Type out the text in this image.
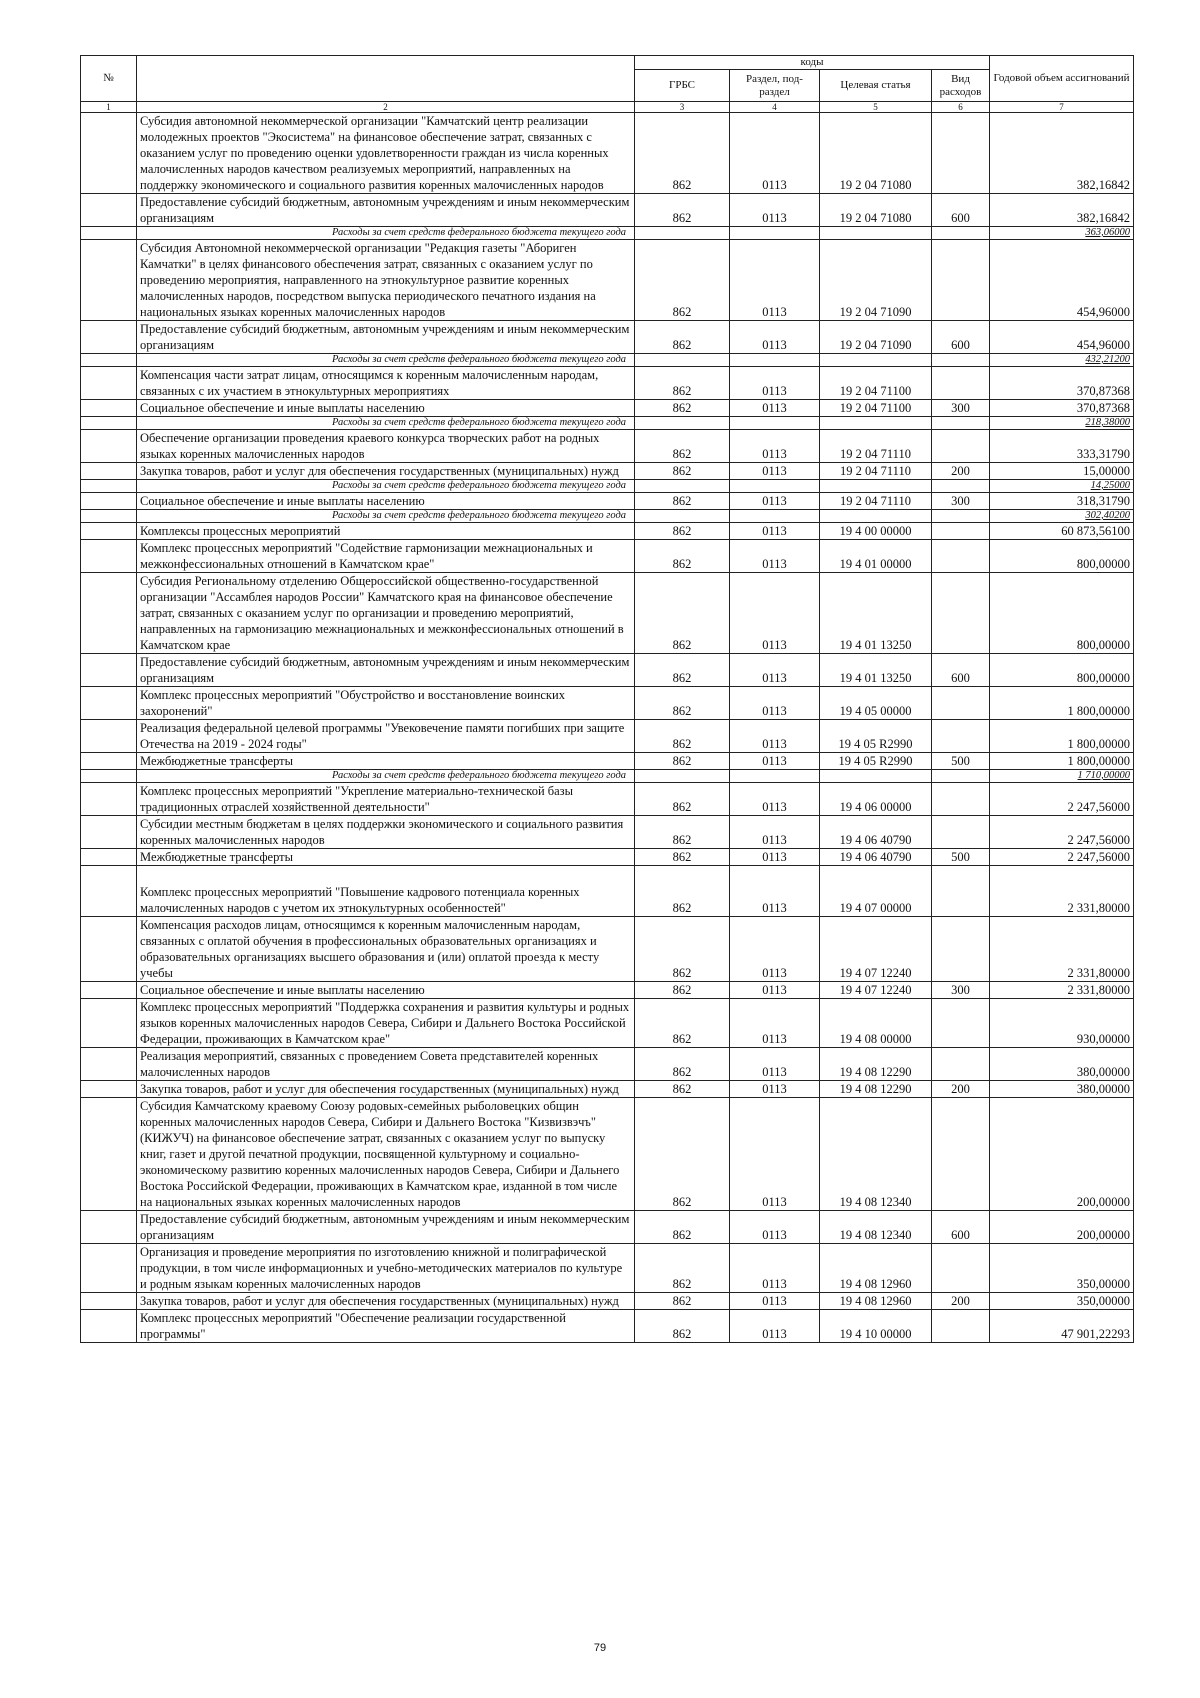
№		коды				Годовой объем ассигнований
		ГРБС	Раздел, под-раздел	Целевая статья	Вид расходов	
1	2	3	4	5	6	7
	Субсидия автономной некоммерческой организации "Камчатский центр реализации молодежных проектов "Экосистема" на финансовое обеспечение затрат, связанных с оказанием услуг по проведению оценки удовлетворенности граждан из числа коренных малочисленных народов качеством реализуемых мероприятий, направленных на поддержку экономического и социального развития коренных малочисленных народов	862	0113	19 2 04 71080		382,16842
	Предоставление субсидий бюджетным, автономным учреждениям и иным некоммерческим организациям	862	0113	19 2 04 71080	600	382,16842
	Расходы за счет средств федерального бюджета текущего года					363,06000
	Субсидия Автономной некоммерческой организации "Редакция газеты "Абориген Камчатки" в целях финансового обеспечения затрат, связанных с оказанием услуг по проведению мероприятия, направленного на этнокультурное развитие коренных малочисленных народов, посредством выпуска периодического печатного издания на национальных языках коренных малочисленных народов	862	0113	19 2 04 71090		454,96000
	Предоставление субсидий бюджетным, автономным учреждениям и иным некоммерческим организациям	862	0113	19 2 04 71090	600	454,96000
	Расходы за счет средств федерального бюджета текущего года					432,21200
	Компенсация части затрат лицам, относящимся к коренным малочисленным народам, связанных с их участием в этнокультурных мероприятиях	862	0113	19 2 04 71100		370,87368
	Социальное обеспечение и иные выплаты населению	862	0113	19 2 04 71100	300	370,87368
	Расходы за счет средств федерального бюджета текущего года					218,38000
	Обеспечение организации проведения краевого конкурса творческих работ на родных языках коренных малочисленных народов	862	0113	19 2 04 71110		333,31790
	Закупка товаров, работ и услуг для обеспечения государственных (муниципальных) нужд	862	0113	19 2 04 71110	200	15,00000
	Расходы за счет средств федерального бюджета текущего года					14,25000
	Социальное обеспечение и иные выплаты населению	862	0113	19 2 04 71110	300	318,31790
	Расходы за счет средств федерального бюджета текущего года					302,40200
	Комплексы процессных мероприятий	862	0113	19 4 00 00000		60 873,56100
	Комплекс процессных мероприятий "Содействие гармонизации межнациональных и межконфессиональных отношений в Камчатском крае"	862	0113	19 4 01 00000		800,00000
	Субсидия Региональному отделению Общероссийской общественно-государственной организации "Ассамблея народов России" Камчатского края на финансовое обеспечение затрат, связанных с оказанием услуг по организации и проведению мероприятий, направленных на гармонизацию межнациональных и межконфессиональных отношений в Камчатском крае	862	0113	19 4 01 13250		800,00000
	Предоставление субсидий бюджетным, автономным учреждениям и иным некоммерческим организациям	862	0113	19 4 01 13250	600	800,00000
	Комплекс процессных мероприятий "Обустройство и восстановление воинских захоронений"	862	0113	19 4 05 00000		1 800,00000
	Реализация федеральной целевой программы "Увековечение памяти погибших при защите Отечества на 2019 - 2024 годы"	862	0113	19 4 05 R2990		1 800,00000
	Межбюджетные трансферты	862	0113	19 4 05 R2990	500	1 800,00000
	Расходы за счет средств федерального бюджета текущего года					1 710,00000
	Комплекс процессных мероприятий "Укрепление материально-технической базы традиционных отраслей хозяйственной деятельности"	862	0113	19 4 06 00000		2 247,56000
	Субсидии местным бюджетам в целях поддержки экономического и социального развития коренных малочисленных народов	862	0113	19 4 06 40790		2 247,56000
	Межбюджетные трансферты	862	0113	19 4 06 40790	500	2 247,56000
	Комплекс процессных мероприятий "Повышение кадрового потенциала коренных малочисленных народов с учетом их этнокультурных особенностей"	862	0113	19 4 07 00000		2 331,80000
	Компенсация расходов лицам, относящимся к коренным малочисленным народам, связанных с оплатой обучения в профессиональных образовательных организациях и образовательных организациях высшего образования и (или) оплатой проезда к месту учебы	862	0113	19 4 07 12240		2 331,80000
	Социальное обеспечение и иные выплаты населению	862	0113	19 4 07 12240	300	2 331,80000
	Комплекс процессных мероприятий "Поддержка сохранения и развития культуры и родных языков коренных малочисленных народов Севера, Сибири и Дальнего Востока Российской Федерации, проживающих в Камчатском крае"	862	0113	19 4 08 00000		930,00000
	Реализация мероприятий, связанных с проведением Совета представителей коренных малочисленных народов	862	0113	19 4 08 12290		380,00000
	Закупка товаров, работ и услуг для обеспечения государственных (муниципальных) нужд	862	0113	19 4 08 12290	200	380,00000
	Субсидия Камчатскому краевому Союзу родовых-семейных рыболовецких общин коренных малочисленных народов Севера, Сибири и Дальнего Востока "Кизвизвэчъ" (КИЖУЧ) на финансовое обеспечение затрат, связанных с оказанием услуг по выпуску книг, газет и другой печатной продукции, посвященной культурному и социально-экономическому развитию коренных малочисленных народов Севера, Сибири и Дальнего Востока Российской Федерации, проживающих в Камчатском крае, изданной в том числе на национальных языках коренных малочисленных народов	862	0113	19 4 08 12340		200,00000
	Предоставление субсидий бюджетным, автономным учреждениям и иным некоммерческим организациям	862	0113	19 4 08 12340	600	200,00000
	Организация и проведение мероприятия по изготовлению книжной и полиграфической продукции, в том числе информационных и учебно-методических материалов по культуре и родным языкам коренных малочисленных народов	862	0113	19 4 08 12960		350,00000
	Закупка товаров, работ и услуг для обеспечения государственных (муниципальных) нужд	862	0113	19 4 08 12960	200	350,00000
	Комплекс процессных мероприятий "Обеспечение реализации государственной программы"	862	0113	19 4 10 00000		47 901,22293
79
